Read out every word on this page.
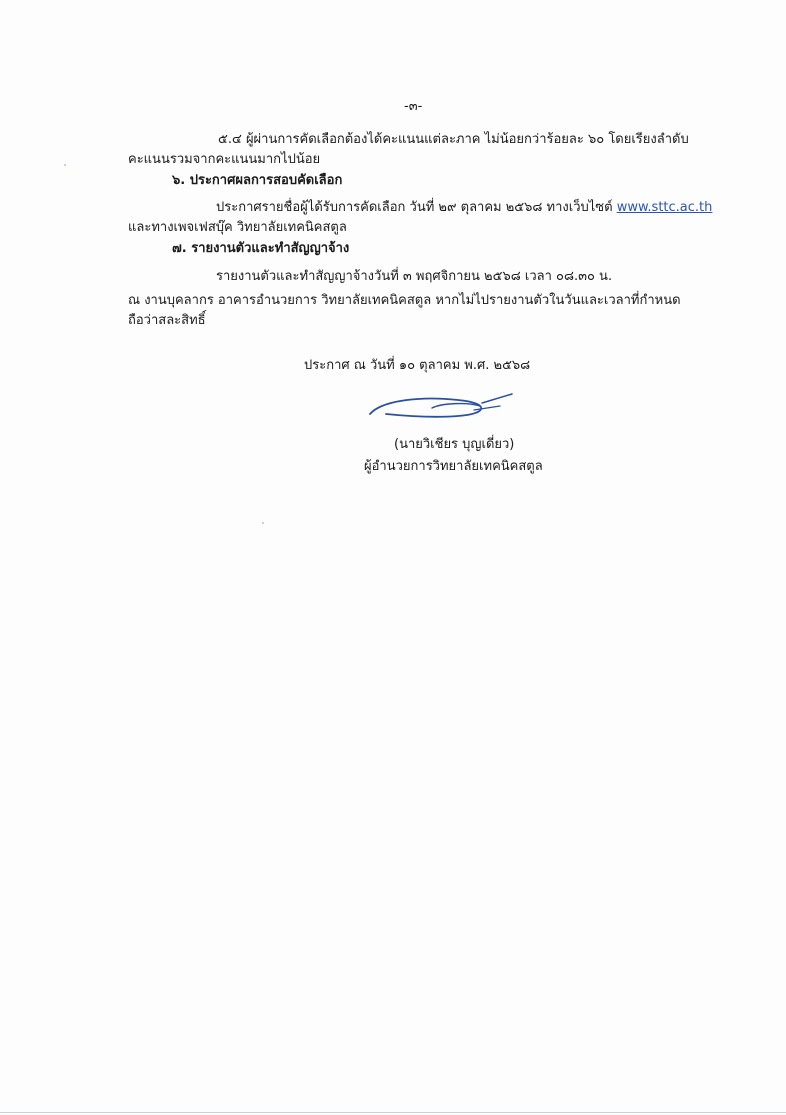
-๓-
๕.๔ ผู้ผ่านการคัดเลือกต้องได้คะแนนแต่ละภาค ไม่น้อยกว่าร้อยละ ๖๐ โดยเรียงลำดับ
คะแนนรวมจากคะแนนมากไปน้อย
๖. ประกาศผลการสอบคัดเลือก
ประกาศรายชื่อผู้ได้รับการคัดเลือก วันที่ ๒๙ ตุลาคม ๒๕๖๘ ทางเว็บไซต์ www.sttc.ac.th
และทางเพจเฟสบุ๊ค วิทยาลัยเทคนิคสตูล
๗. รายงานตัวและทำสัญญาจ้าง
รายงานตัวและทำสัญญาจ้างวันที่ ๓ พฤศจิกายน ๒๕๖๘ เวลา ๐๘.๓๐ น.
ณ งานบุคลากร อาคารอำนวยการ วิทยาลัยเทคนิคสตูล หากไม่ไปรายงานตัวในวันและเวลาที่กำหนด
ถือว่าสละสิทธิ์
ประกาศ ณ วันที่ ๑๐ ตุลาคม พ.ศ. ๒๕๖๘
(นายวิเชียร บุญเดี่ยว)
ผู้อำนวยการวิทยาลัยเทคนิคสตูล
